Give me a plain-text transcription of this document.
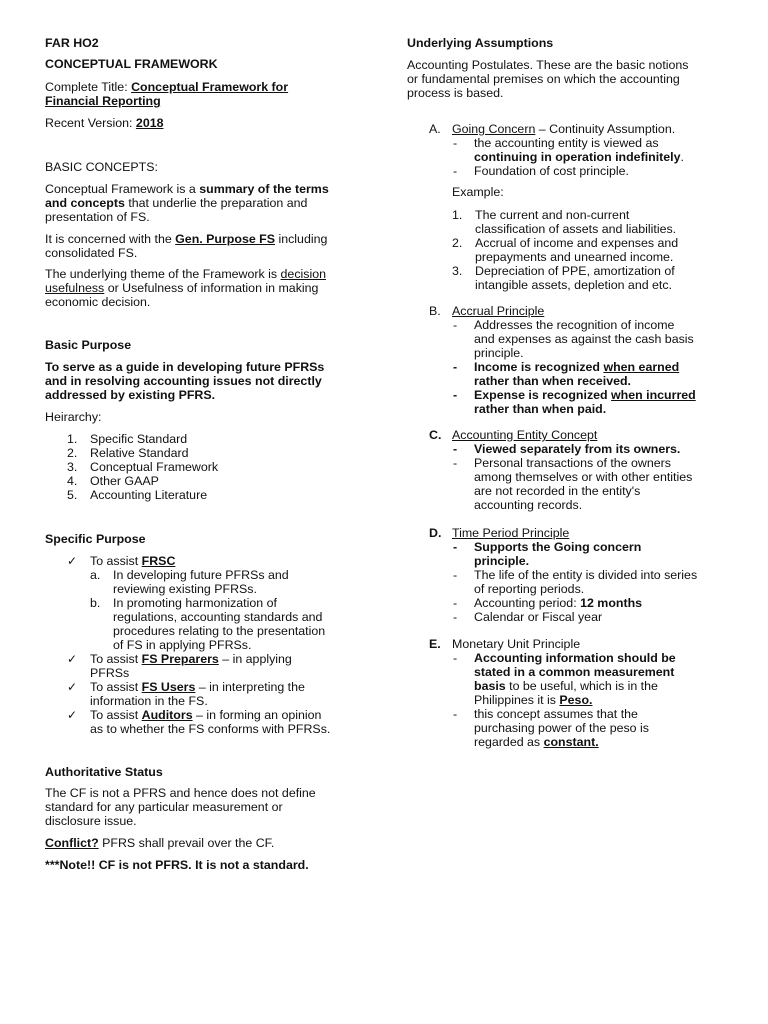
FAR HO2
CONCEPTUAL FRAMEWORK

Complete Title: Conceptual Framework for

Financial Reporting

Recent Version: 2018
BASIC CONCEPTS:

Conceptual Framework is a summary of the terms

and concepts that underlie the preparation and

presentation of FS.

It is concerned with the Gen. Purpose FS including

consolidated FS.

The underlying theme of the Framework is decision

usefulness or Usefulness of information in making

economic decision.

Basic Purpose

To serve as a guide in developing future PFRSs

and in resolving accounting issues not directly

addressed by existing PFRS.

Heirarchy:
1. Specific Standard
2. Relative Standard
3. Conceptual Framework
4. Other GAAP
5. Accounting Literature
Specific Purpose
✓ To assist FRSC
a. In developing future PFRSs and

reviewing existing PFRSs.

b. In promoting harmonization of

regulations, accounting standards and

procedures relating to the presentation

of FS in applying PFRSs.

✓ To assist FS Preparers – in applying

PFRSs

✓ To assist FS Users – in interpreting the

information in the FS.

✓ To assist Auditors – in forming an opinion

as to whether the FS conforms with PFRSs.

Authoritative Status

The CF is not a PFRS and hence does not define

standard for any particular measurement or

disclosure issue.

Conflict? PFRS shall prevail over the CF.
***Note!! CF is not PFRS. It is not a standard.
Underlying Assumptions

Accounting Postulates. These are the basic notions

or fundamental premises on which the accounting

process is based.

A. Going Concern – Continuity Assumption.
- the accounting entity is viewed as

continuing in operation indefinitely.

- Foundation of cost principle.

Example:
1. The current and non-current

classification of assets and liabilities.

2. Accrual of income and expenses and

prepayments and unearned income.

3. Depreciation of PPE, amortization of

intangible assets, depletion and etc.

B. Accrual Principle
- Addresses the recognition of income

and expenses as against the cash basis

principle.

- Income is recognized when earned

rather than when received.

- Expense is recognized when incurred

rather than when paid.

C. Accounting Entity Concept
- Viewed separately from its owners.

- Personal transactions of the owners

among themselves or with other entities

are not recorded in the entity's

accounting records.

D. Time Period Principle
- Supports the Going concern

principle.

- The life of the entity is divided into series

of reporting periods.

- Accounting period: 12 months

- Calendar or Fiscal year

E. Monetary Unit Principle
- Accounting information should be

stated in a common measurement

basis to be useful, which is in the

Philippines it is Peso.

- this concept assumes that the

purchasing power of the peso is

regarded as constant.
